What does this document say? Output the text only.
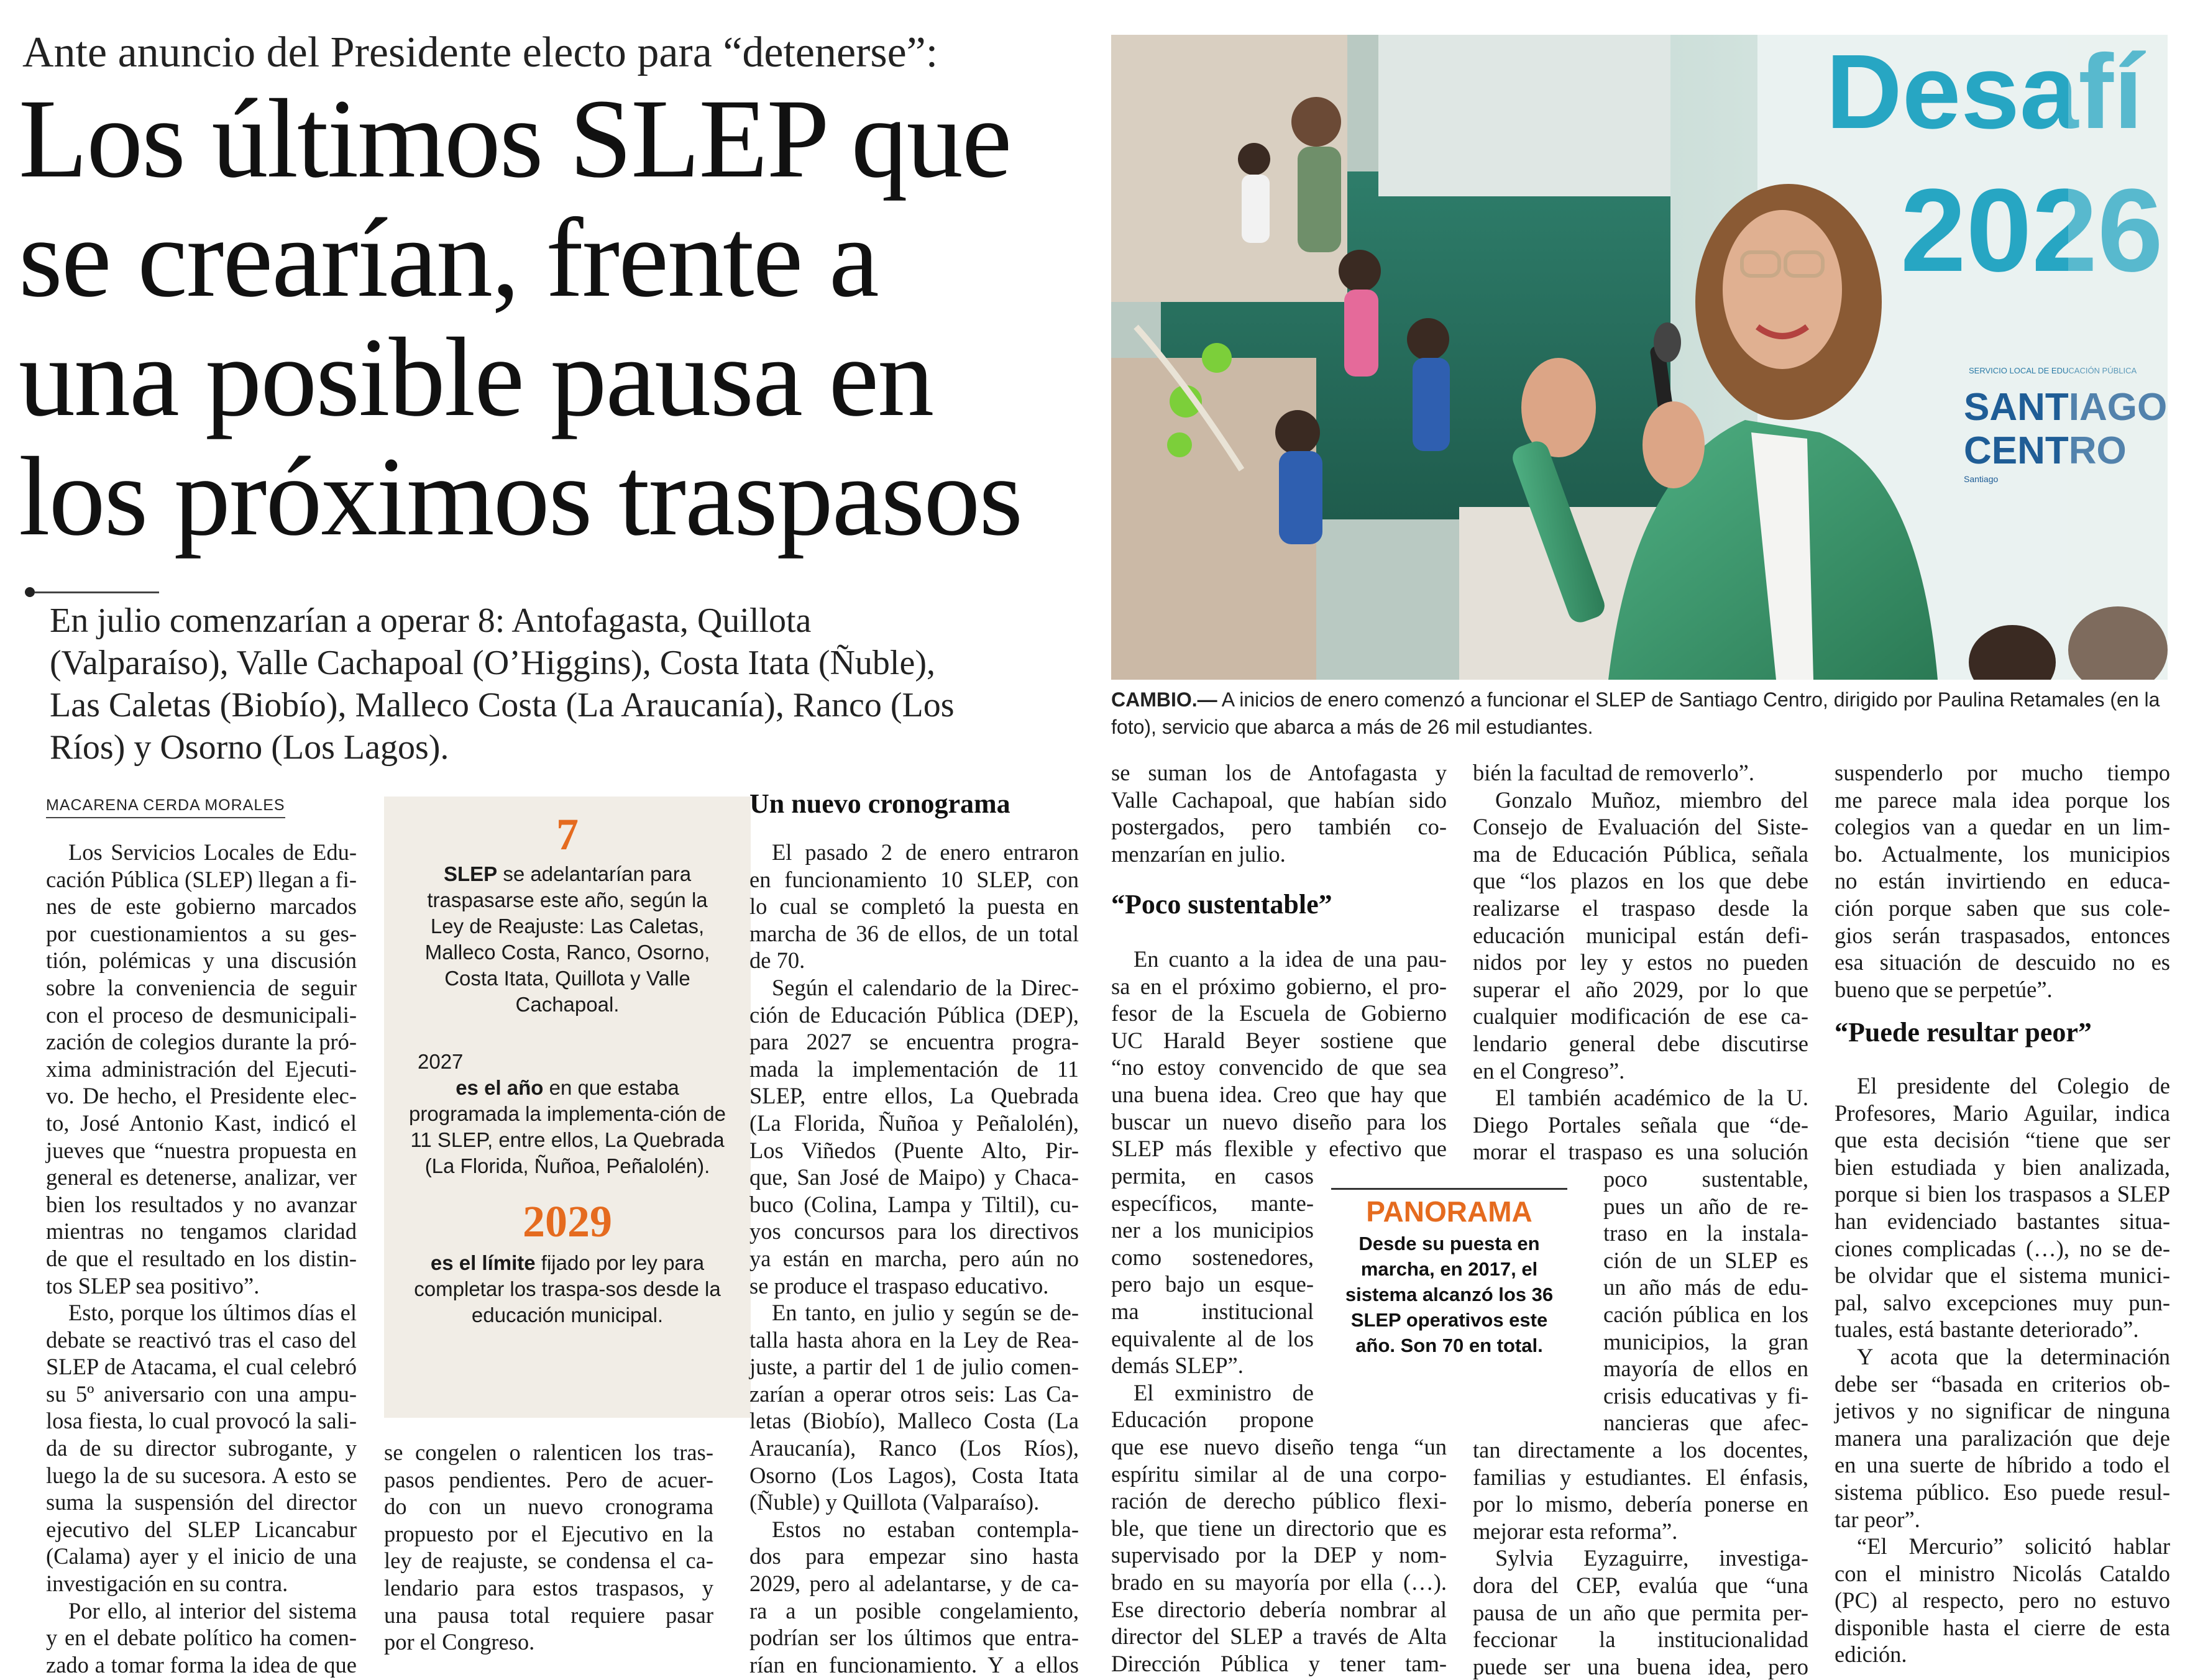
Ante anuncio del Presidente electo para “detenerse”:
Los últimos SLEP que
se crearían, frente a
una posible pausa en
los próximos traspasos
En julio comenzarían a operar 8: Antofagasta, Quillota
(Valparaíso), Valle Cachapoal (O’Higgins), Costa Itata (Ñuble),
Las Caletas (Biobío), Malleco Costa (La Araucanía), Ranco (Los
Ríos) y Osorno (Los Lagos).
Desafí
2026
SERVICIO LOCAL DE EDUCACIÓN PÚBLICA
SANTIAGO
CENTRO
Santiago
CAMBIO.— A inicios de enero comenzó a funcionar el SLEP de Santiago Centro, dirigido por Paulina Retamales (en la foto), servicio que abarca a más de 26 mil estudiantes.
MACARENA CERDA MORALES
Los Servicios Locales de Edu-
cación Pública (SLEP) llegan a fi-
nes de este gobierno marcados
por cuestionamientos a su ges-
tión, polémicas y una discusión
sobre la conveniencia de seguir
con el proceso de desmunicipali-
zación de colegios durante la pró-
xima administración del Ejecuti-
vo. De hecho, el Presidente elec-
to, José Antonio Kast, indicó el
jueves que “nuestra propuesta en
general es detenerse, analizar, ver
bien los resultados y no avanzar
mientras no tengamos claridad
de que el resultado en los distin-
tos SLEP sea positivo”.
Esto, porque los últimos días el
debate se reactivó tras el caso del
SLEP de Atacama, el cual celebró
su 5º aniversario con una ampu-
losa fiesta, lo cual provocó la sali-
da de su director subrogante, y
luego la de su sucesora. A esto se
suma la suspensión del director
ejecutivo del SLEP Licancabur
(Calama) ayer y el inicio de una
investigación en su contra.
Por ello, al interior del sistema
y en el debate político ha comen-
zado a tomar forma la idea de que
7
SLEP se adelantarían para traspasarse este año, según la Ley de Reajuste: Las Caletas, Malleco Costa, Ranco, Osorno, Costa Itata, Quillota y Valle Cachapoal.
2027
es el año en que estaba programada la implementa-ción de 11 SLEP, entre ellos, La Quebrada (La Florida, Ñuñoa, Peñalolén).
2029
es el límite fijado por ley para completar los traspa-sos desde la educación municipal.
se congelen o ralenticen los tras-
pasos pendientes. Pero de acuer-
do con un nuevo cronograma
propuesto por el Ejecutivo en la
ley de reajuste, se condensa el ca-
lendario para estos traspasos, y
una pausa total requiere pasar
por el Congreso.
Un nuevo cronograma
El pasado 2 de enero entraron
en funcionamiento 10 SLEP, con
lo cual se completó la puesta en
marcha de 36 de ellos, de un total
de 70.
Según el calendario de la Direc-
ción de Educación Pública (DEP),
para 2027 se encuentra progra-
mada la implementación de 11
SLEP, entre ellos, La Quebrada
(La Florida, Ñuñoa y Peñalolén),
Los Viñedos (Puente Alto, Pir-
que, San José de Maipo) y Chaca-
buco (Colina, Lampa y Tiltil), cu-
yos concursos para los directivos
ya están en marcha, pero aún no
se produce el traspaso educativo.
En tanto, en julio y según se de-
talla hasta ahora en la Ley de Rea-
juste, a partir del 1 de julio comen-
zarían a operar otros seis: Las Ca-
letas (Biobío), Malleco Costa (La
Araucanía), Ranco (Los Ríos),
Osorno (Los Lagos), Costa Itata
(Ñuble) y Quillota (Valparaíso).
Estos no estaban contempla-
dos para empezar sino hasta
2029, pero al adelantarse, y de ca-
ra a un posible congelamiento,
podrían ser los últimos que entra-
rían en funcionamiento. Y a ellos
se suman los de Antofagasta y
Valle Cachapoal, que habían sido
postergados, pero también co-
menzarían en julio.
“Poco sustentable”
En cuanto a la idea de una pau-
sa en el próximo gobierno, el pro-
fesor de la Escuela de Gobierno
UC Harald Beyer sostiene que
“no estoy convencido de que sea
una buena idea. Creo que hay que
buscar un nuevo diseño para los
SLEP más flexible y efectivo que
permita, en casos
específicos, mante-
ner a los municipios
como sostenedores,
pero bajo un esque-
ma institucional
equivalente al de los
demás SLEP”.
El exministro de
Educación propone
que ese nuevo diseño tenga “un
espíritu similar al de una corpo-
ración de derecho público flexi-
ble, que tiene un directorio que es
supervisado por la DEP y nom-
brado en su mayoría por ella (…).
Ese directorio debería nombrar al
director del SLEP a través de Alta
Dirección Pública y tener tam-
PANORAMA
Desde su puesta en marcha, en 2017, el sistema alcanzó los 36 SLEP operativos este año. Son 70 en total.
bién la facultad de removerlo”.
Gonzalo Muñoz, miembro del
Consejo de Evaluación del Siste-
ma de Educación Pública, señala
que “los plazos en los que debe
realizarse el traspaso desde la
educación municipal están defi-
nidos por ley y estos no pueden
superar el año 2029, por lo que
cualquier modificación de ese ca-
lendario general debe discutirse
en el Congreso”.
El también académico de la U.
Diego Portales señala que “de-
morar el traspaso es una solución
poco sustentable,
pues un año de re-
traso en la instala-
ción de un SLEP es
un año más de edu-
cación pública en los
municipios, la gran
mayoría de ellos en
crisis educativas y fi-
nancieras que afec-
tan directamente a los docentes,
familias y estudiantes. El énfasis,
por lo mismo, debería ponerse en
mejorar esta reforma”.
Sylvia Eyzaguirre, investiga-
dora del CEP, evalúa que “una
pausa de un año que permita per-
feccionar la institucionalidad
puede ser una buena idea, pero
suspenderlo por mucho tiempo
me parece mala idea porque los
colegios van a quedar en un lim-
bo. Actualmente, los municipios
no están invirtiendo en educa-
ción porque saben que sus cole-
gios serán traspasados, entonces
esa situación de descuido no es
bueno que se perpetúe”.
“Puede resultar peor”
El presidente del Colegio de
Profesores, Mario Aguilar, indica
que esta decisión “tiene que ser
bien estudiada y bien analizada,
porque si bien los traspasos a SLEP
han evidenciado bastantes situa-
ciones complicadas (…), no se de-
be olvidar que el sistema munici-
pal, salvo excepciones muy pun-
tuales, está bastante deteriorado”.
Y acota que la determinación
debe ser “basada en criterios ob-
jetivos y no significar de ninguna
manera una paralización que deje
en una suerte de híbrido a todo el
sistema público. Eso puede resul-
tar peor”.
“El Mercurio” solicitó hablar
con el ministro Nicolás Cataldo
(PC) al respecto, pero no estuvo
disponible hasta el cierre de esta
edición.
